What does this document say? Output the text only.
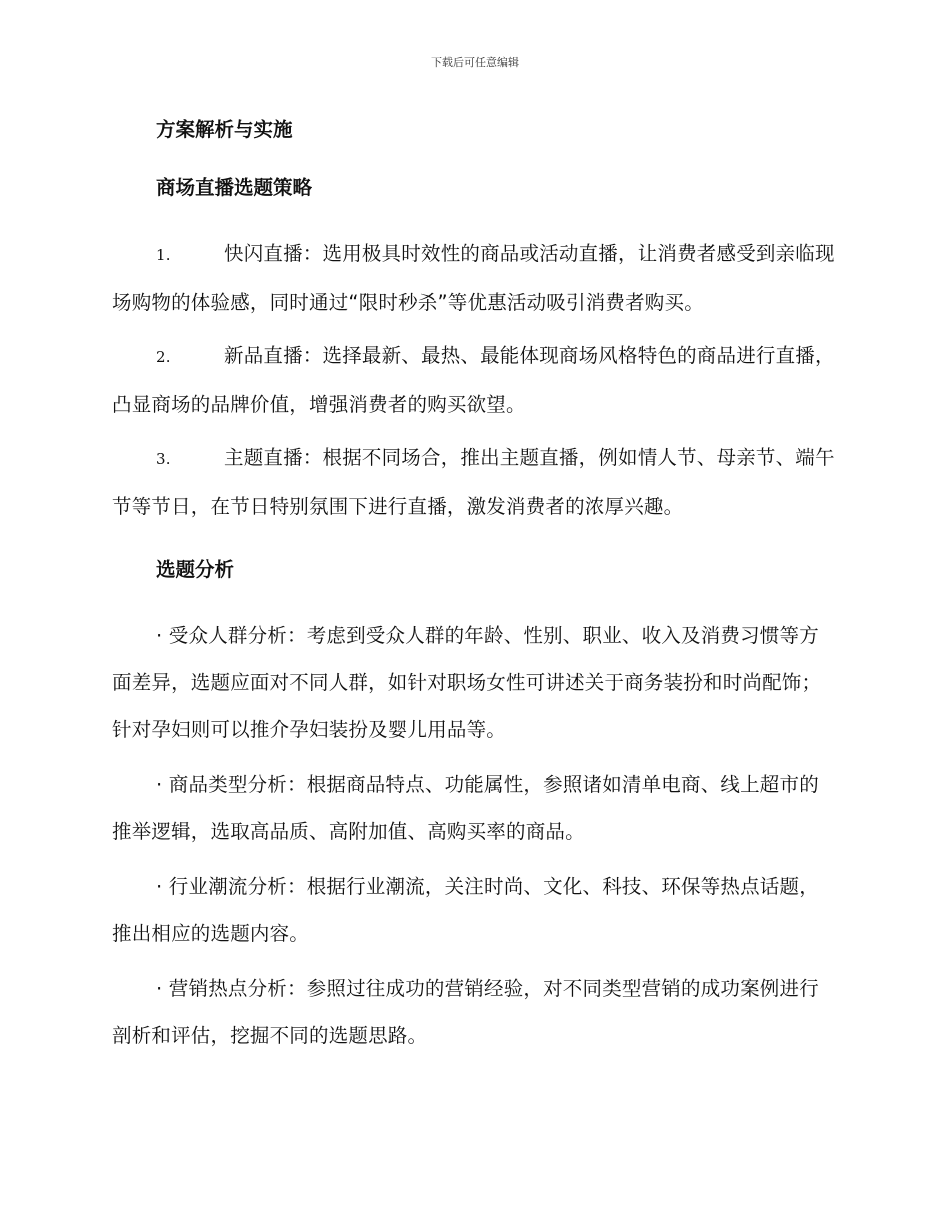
下载后可任意编辑
方案解析与实施
商场直播选题策略

1.	快闪直播：选用极具时效性的商品或活动直播，让消费者感受到亲临现场购物的体验感，同时通过“限时秒杀”等优惠活动吸引消费者购买。

2.	新品直播：选择最新、最热、最能体现商场风格特色的商品进行直播，凸显商场的品牌价值，增强消费者的购买欲望。

3.	主题直播：根据不同场合，推出主题直播，例如情人节、母亲节、端午节等节日，在节日特别氛围下进行直播，激发消费者的浓厚兴趣。

选题分析

· 受众人群分析：考虑到受众人群的年龄、性别、职业、收入及消费习惯等方面差异，选题应面对不同人群，如针对职场女性可讲述关于商务装扮和时尚配饰；针对孕妇则可以推介孕妇装扮及婴儿用品等。

· 商品类型分析：根据商品特点、功能属性，参照诸如清单电商、线上超市的推举逻辑，选取高品质、高附加值、高购买率的商品。

· 行业潮流分析：根据行业潮流，关注时尚、文化、科技、环保等热点话题，推出相应的选题内容。

· 营销热点分析：参照过往成功的营销经验，对不同类型营销的成功案例进行剖析和评估，挖掘不同的选题思路。
